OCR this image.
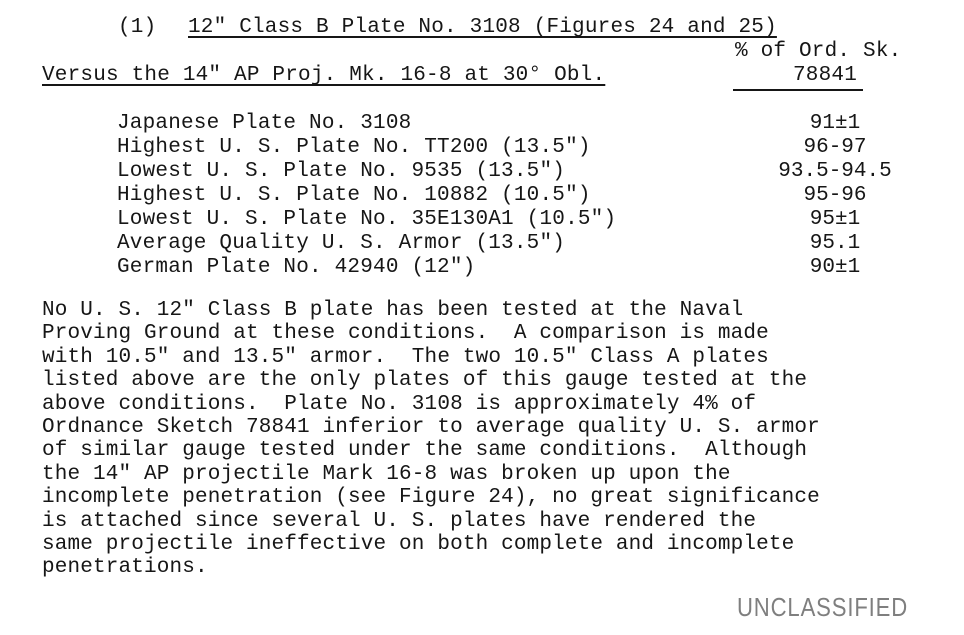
(1) 12" Class B Plate No. 3108 (Figures 24 and 25)
% of Ord. Sk.
Versus the 14" AP Proj. Mk. 16-8 at 30° Obl.	78841
Japanese Plate No. 3108	91±1
Highest U. S. Plate No. TT200 (13.5")	96-97
Lowest U. S. Plate No. 9535 (13.5")	93.5-94.5
Highest U. S. Plate No. 10882 (10.5")	95-96
Lowest U. S. Plate No. 35E130A1 (10.5")	95±1
Average Quality U. S. Armor (13.5")	95.1
German Plate No. 42940 (12")	90±1
No U. S. 12" Class B plate has been tested at the Naval
Proving Ground at these conditions.  A comparison is made
with 10.5" and 13.5" armor.  The two 10.5" Class A plates
listed above are the only plates of this gauge tested at the
above conditions.  Plate No. 3108 is approximately 4% of
Ordnance Sketch 78841 inferior to average quality U. S. armor
of similar gauge tested under the same conditions.  Although
the 14" AP projectile Mark 16-8 was broken up upon the
incomplete penetration (see Figure 24), no great significance
is attached since several U. S. plates have rendered the
same projectile ineffective on both complete and incomplete
penetrations.
UNCLASSIFIED
